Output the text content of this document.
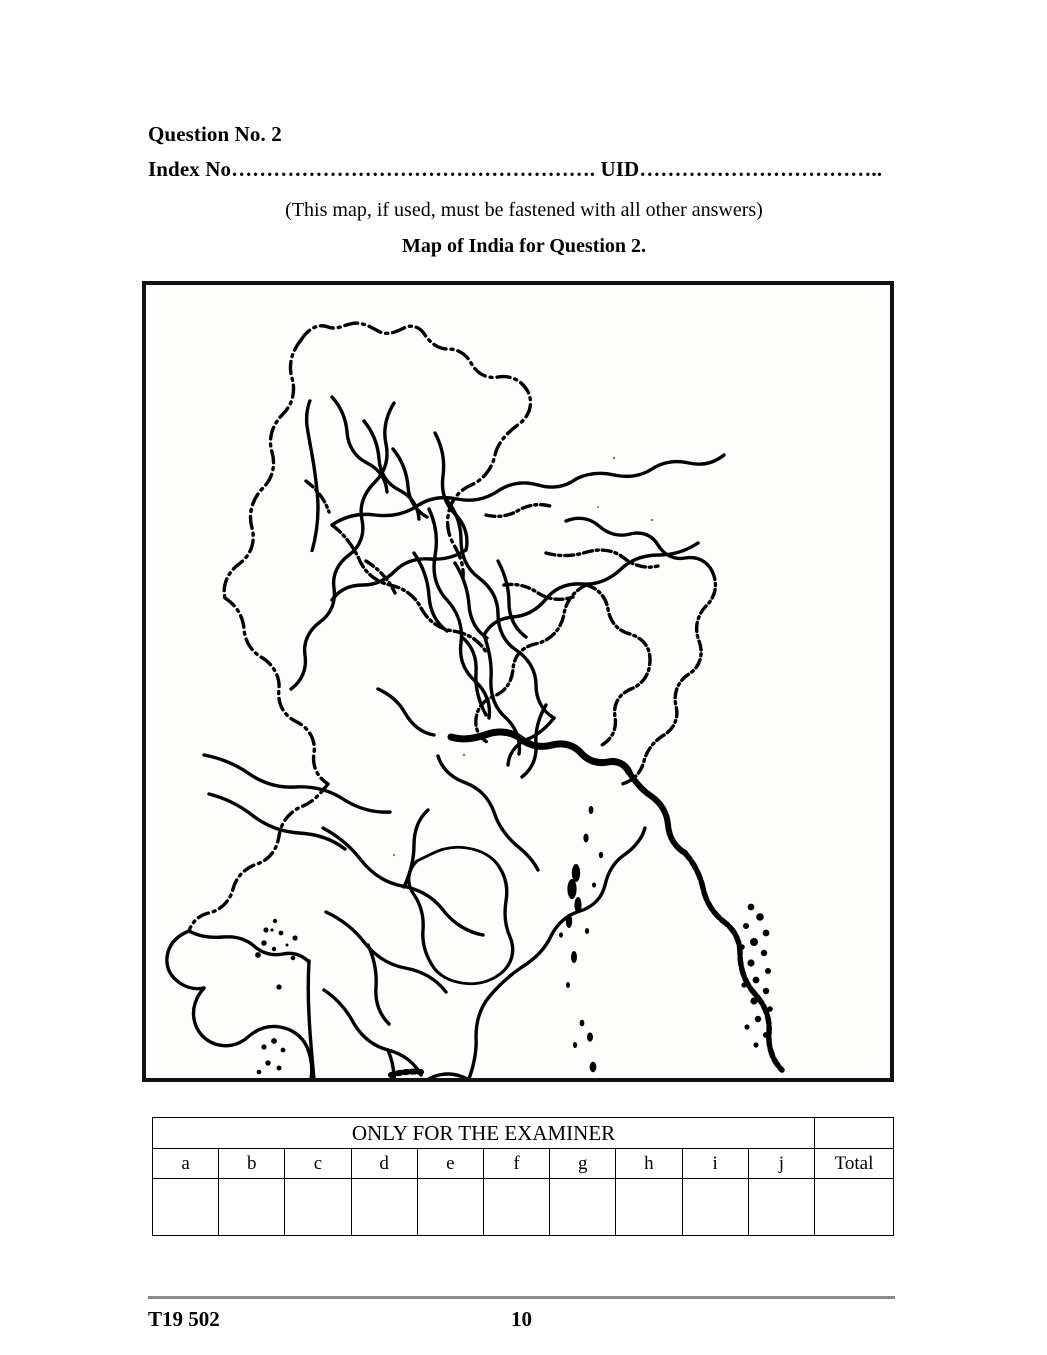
Question No. 2
Index No……………………………………………. UID……………………………..
(This map, if used, must be fastened with all other answers)
Map of India for Question 2.
ONLY FOR THE EXAMINER										
a	b	c	d	e	f	g	h	i	j	Total

T19 502	10
